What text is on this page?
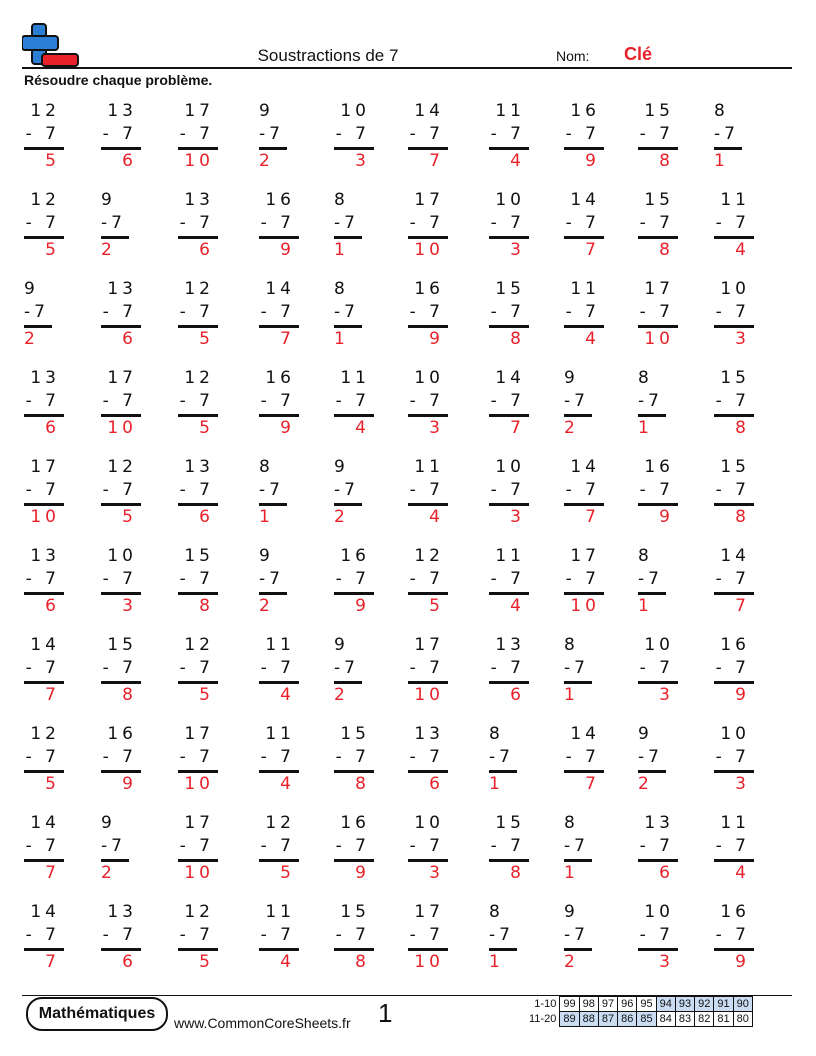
Soustractions de 7	Nom: Clé
Résoudre chaque problème.
12
- 7
5
13
- 7
6
17
- 7
10
9
-7
2
10
- 7
3
14
- 7
7
11
- 7
4
16
- 7
9
15
- 7
8
8
-7
1
12
- 7
5
9
-7
2
13
- 7
6
16
- 7
9
8
-7
1
17
- 7
10
10
- 7
3
14
- 7
7
15
- 7
8
11
- 7
4
9
-7
2
13
- 7
6
12
- 7
5
14
- 7
7
8
-7
1
16
- 7
9
15
- 7
8
11
- 7
4
17
- 7
10
10
- 7
3
13
- 7
6
17
- 7
10
12
- 7
5
16
- 7
9
11
- 7
4
10
- 7
3
14
- 7
7
9
-7
2
8
-7
1
15
- 7
8
17
- 7
10
12
- 7
5
13
- 7
6
8
-7
1
9
-7
2
11
- 7
4
10
- 7
3
14
- 7
7
16
- 7
9
15
- 7
8
13
- 7
6
10
- 7
3
15
- 7
8
9
-7
2
16
- 7
9
12
- 7
5
11
- 7
4
17
- 7
10
8
-7
1
14
- 7
7
14
- 7
7
15
- 7
8
12
- 7
5
11
- 7
4
9
-7
2
17
- 7
10
13
- 7
6
8
-7
1
10
- 7
3
16
- 7
9
12
- 7
5
16
- 7
9
17
- 7
10
11
- 7
4
15
- 7
8
13
- 7
6
8
-7
1
14
- 7
7
9
-7
2
10
- 7
3
14
- 7
7
9
-7
2
17
- 7
10
12
- 7
5
16
- 7
9
10
- 7
3
15
- 7
8
8
-7
1
13
- 7
6
11
- 7
4
14
- 7
7
13
- 7
6
12
- 7
5
11
- 7
4
15
- 7
8
17
- 7
10
8
-7
1
9
-7
2
10
- 7
3
16
- 7
9
Mathématiques
www.CommonCoreSheets.fr 1	1-10	99	98	97	96	95	94	93	92	91	90
11-20	89	88	87	86	85	84	83	82	81	80
